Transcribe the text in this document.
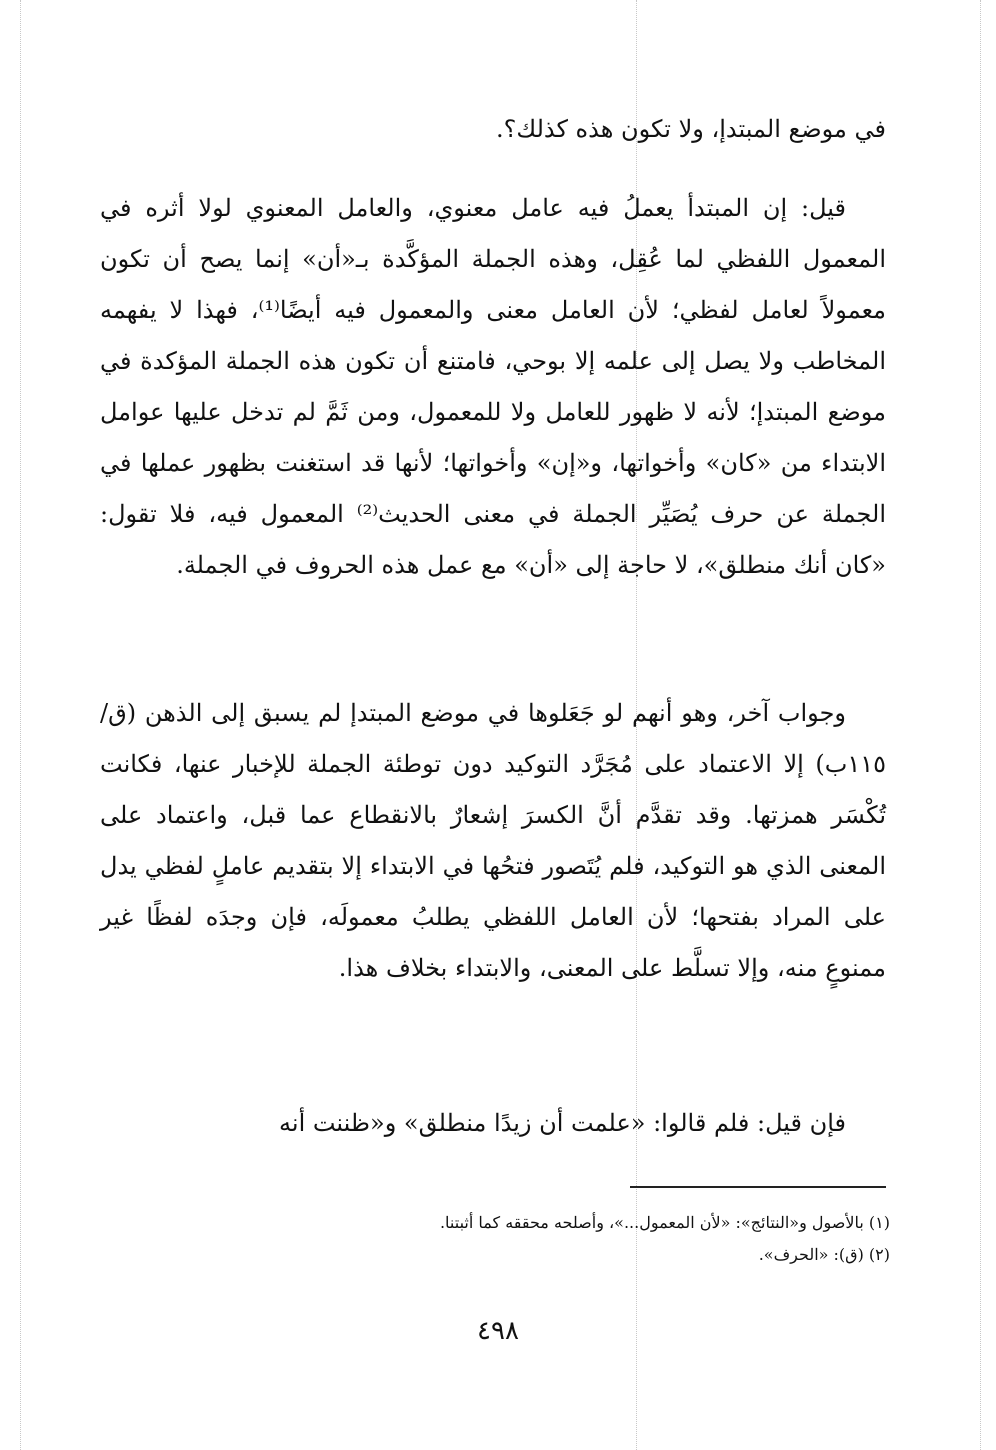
في موضع المبتدإ، ولا تكون هذه كذلك؟.

قيل: إن المبتدأ يعملُ فيه عامل معنوي، والعامل المعنوي لولا أثره في المعمول اللفظي لما عُقِل، وهذه الجملة المؤكَّدة بـ«أن» إنما يصح أن تكون معمولاً لعامل لفظي؛ لأن العامل معنى والمعمول فيه أيضًا⁽¹⁾، فهذا لا يفهمه المخاطب ولا يصل إلى علمه إلا بوحي، فامتنع أن تكون هذه الجملة المؤكدة في موضع المبتدإ؛ لأنه لا ظهور للعامل ولا للمعمول، ومن ثَمَّ لم تدخل عليها عوامل الابتداء من «كان» وأخواتها، و«إن» وأخواتها؛ لأنها قد استغنت بظهور عملها في الجملة عن حرف يُصَيِّر الجملة في معنى الحديث⁽²⁾ المعمول فيه، فلا تقول: «كان أنك منطلق»، لا حاجة إلى «أن» مع عمل هذه الحروف في الجملة.

وجواب آخر، وهو أنهم لو جَعَلوها في موضع المبتدإ لم يسبق إلى الذهن (ق/١١٥ب) إلا الاعتماد على مُجَرَّد التوكيد دون توطئة الجملة للإخبار عنها، فكانت تُكْسَر همزتها. وقد تقدَّم أنَّ الكسرَ إشعارٌ بالانقطاع عما قبل، واعتماد على المعنى الذي هو التوكيد، فلم يُتَصور فتحُها في الابتداء إلا بتقديم عاملٍ لفظي يدل على المراد بفتحها؛ لأن العامل اللفظي يطلبُ معمولَه، فإن وجدَه لفظًا غير ممنوعٍ منه، وإلا تسلَّط على المعنى، والابتداء بخلاف هذا.

فإن قيل: فلم قالوا: «علمت أن زيدًا منطلق» و«ظننت أنه

(١) بالأصول و«النتائج»: «لأن المعمول...»، وأصلحه محققه كما أثبتنا.

(٢) (ق): «الحرف».

٤٩٨
